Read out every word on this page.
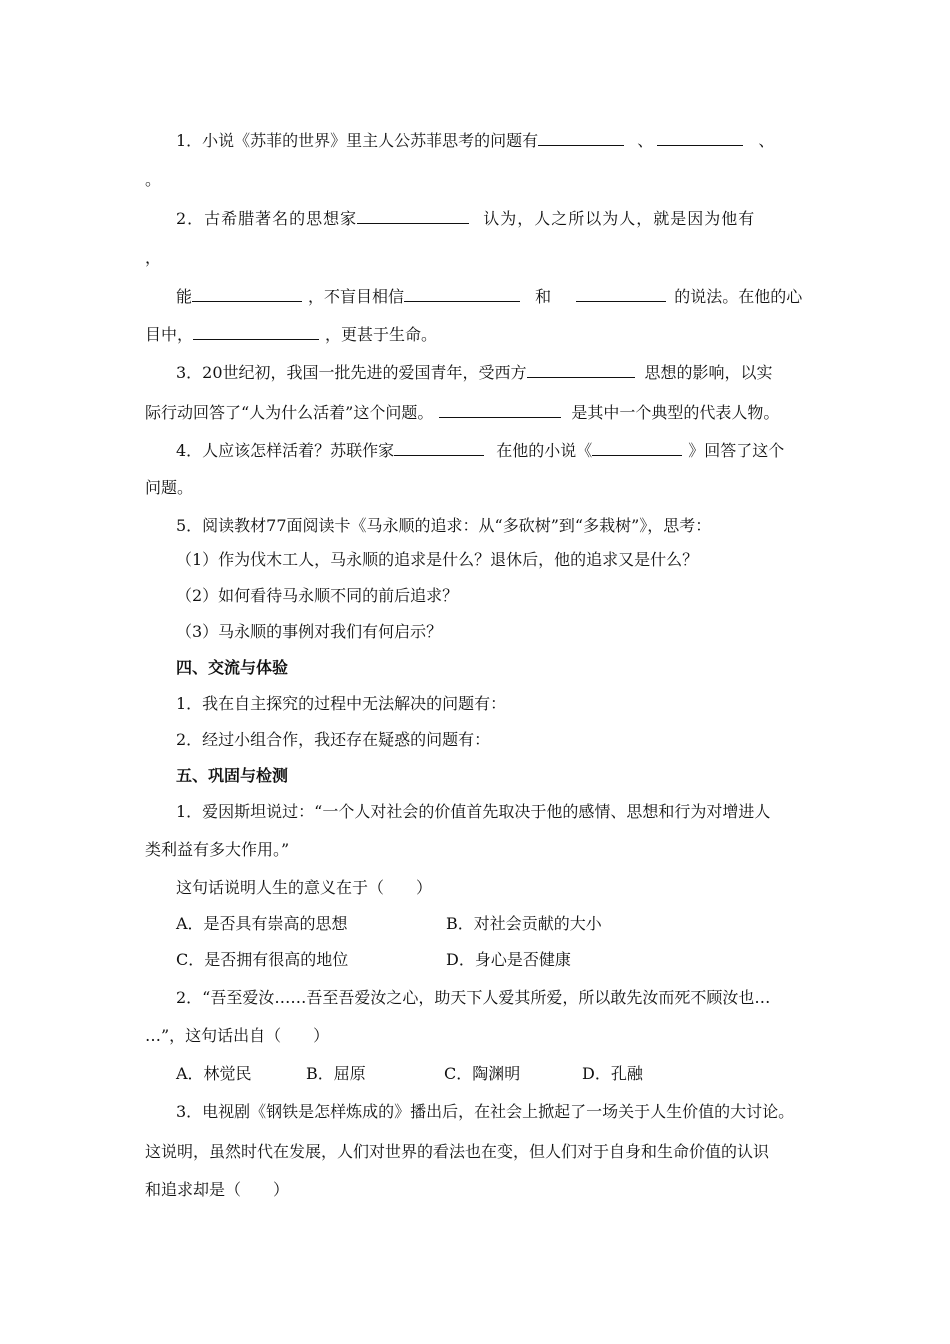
1．小说《苏菲的世界》里主人公苏菲思考的问题有	、	、
。
2．古希腊著名的思想家	认为，人之所以为人，就是因为他有
，
能	，不盲目相信	和	的说法。在他的心
目中，	，更甚于生命。
3．20世纪初，我国一批先进的爱国青年，受西方	思想的影响，以实
际行动回答了“人为什么活着”这个问题。	是其中一个典型的代表人物。
4．人应该怎样活着？苏联作家	在他的小说《	》回答了这个
问题。
5．阅读教材77面阅读卡《马永顺的追求：从“多砍树”到“多栽树”》，思考：
（1）作为伐木工人，马永顺的追求是什么？退休后，他的追求又是什么？
（2）如何看待马永顺不同的前后追求？
（3）马永顺的事例对我们有何启示？
四、交流与体验
1．我在自主探究的过程中无法解决的问题有：
2．经过小组合作，我还存在疑惑的问题有：
五、巩固与检测
1．爱因斯坦说过：“一个人对社会的价值首先取决于他的感情、思想和行为对增进人
类利益有多大作用。”
这句话说明人生的意义在于（　　）
A．是否具有崇高的思想	B．对社会贡献的大小
C．是否拥有很高的地位	D．身心是否健康
2．“吾至爱汝……吾至吾爱汝之心，助天下人爱其所爱，所以敢先汝而死不顾汝也…
…”，这句话出自（　　）
A．林觉民	B．屈原	C．陶渊明	D．孔融
3．电视剧《钢铁是怎样炼成的》播出后，在社会上掀起了一场关于人生价值的大讨论。
这说明，虽然时代在发展，人们对世界的看法也在变，但人们对于自身和生命价值的认识
和追求却是（　　）
